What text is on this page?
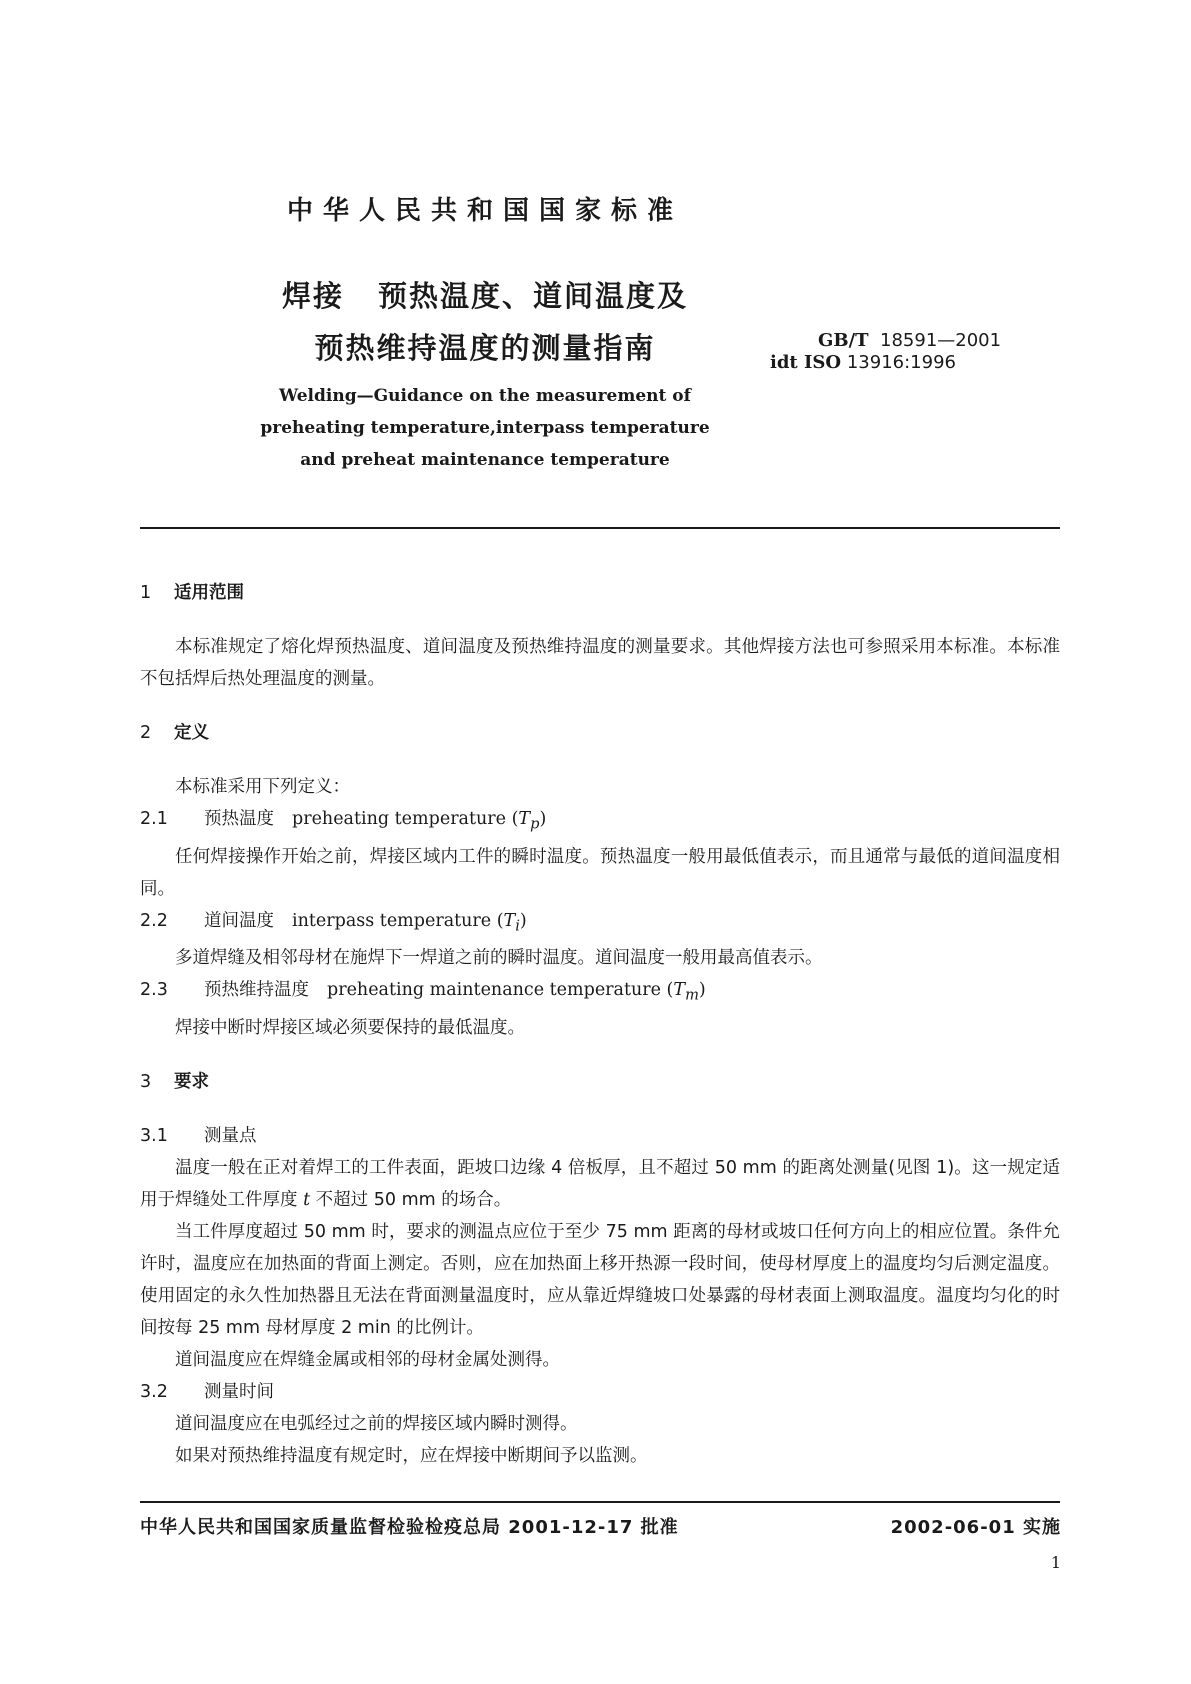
中华人民共和国国家标准
焊接 预热温度、道间温度及
预热维持温度的测量指南	GB/T 18591—2001
idt ISO 13916:1996
Welding—Guidance on the measurement of
preheating temperature,interpass temperature
and preheat maintenance temperature
1 适用范围

本标准规定了熔化焊预热温度、道间温度及预热维持温度的测量要求。其他焊接方法也可参照采用本标准。本标准不包括焊后热处理温度的测量。

2 定义

本标准采用下列定义：

2.1 预热温度 preheating temperature $(T_p)$

任何焊接操作开始之前，焊接区域内工件的瞬时温度。预热温度一般用最低值表示，而且通常与最低的道间温度相同。

2.2 道间温度 interpass temperature $(T_i)$

多道焊缝及相邻母材在施焊下一焊道之前的瞬时温度。道间温度一般用最高值表示。

2.3 预热维持温度 preheating maintenance temperature $(T_m)$

焊接中断时焊接区域必须要保持的最低温度。

3 要求
3.1 测量点

温度一般在正对着焊工的工件表面，距坡口边缘 4 倍板厚，且不超过 50 mm 的距离处测量(见图 1)。这一规定适用于焊缝处工件厚度 t 不超过 50 mm 的场合。

当工件厚度超过 50 mm 时，要求的测温点应位于至少 75 mm 距离的母材或坡口任何方向上的相应位置。条件允许时，温度应在加热面的背面上测定。否则，应在加热面上移开热源一段时间，使母材厚度上的温度均匀后测定温度。使用固定的永久性加热器且无法在背面测量温度时，应从靠近焊缝坡口处暴露的母材表面上测取温度。温度均匀化的时间按每 25 mm 母材厚度 2 min 的比例计。

道间温度应在焊缝金属或相邻的母材金属处测得。

3.2 测量时间

道间温度应在电弧经过之前的焊接区域内瞬时测得。

如果对预热维持温度有规定时，应在焊接中断期间予以监测。

中华人民共和国国家质量监督检验检疫总局 2001-12-17 批准	2002-06-01 实施
1
